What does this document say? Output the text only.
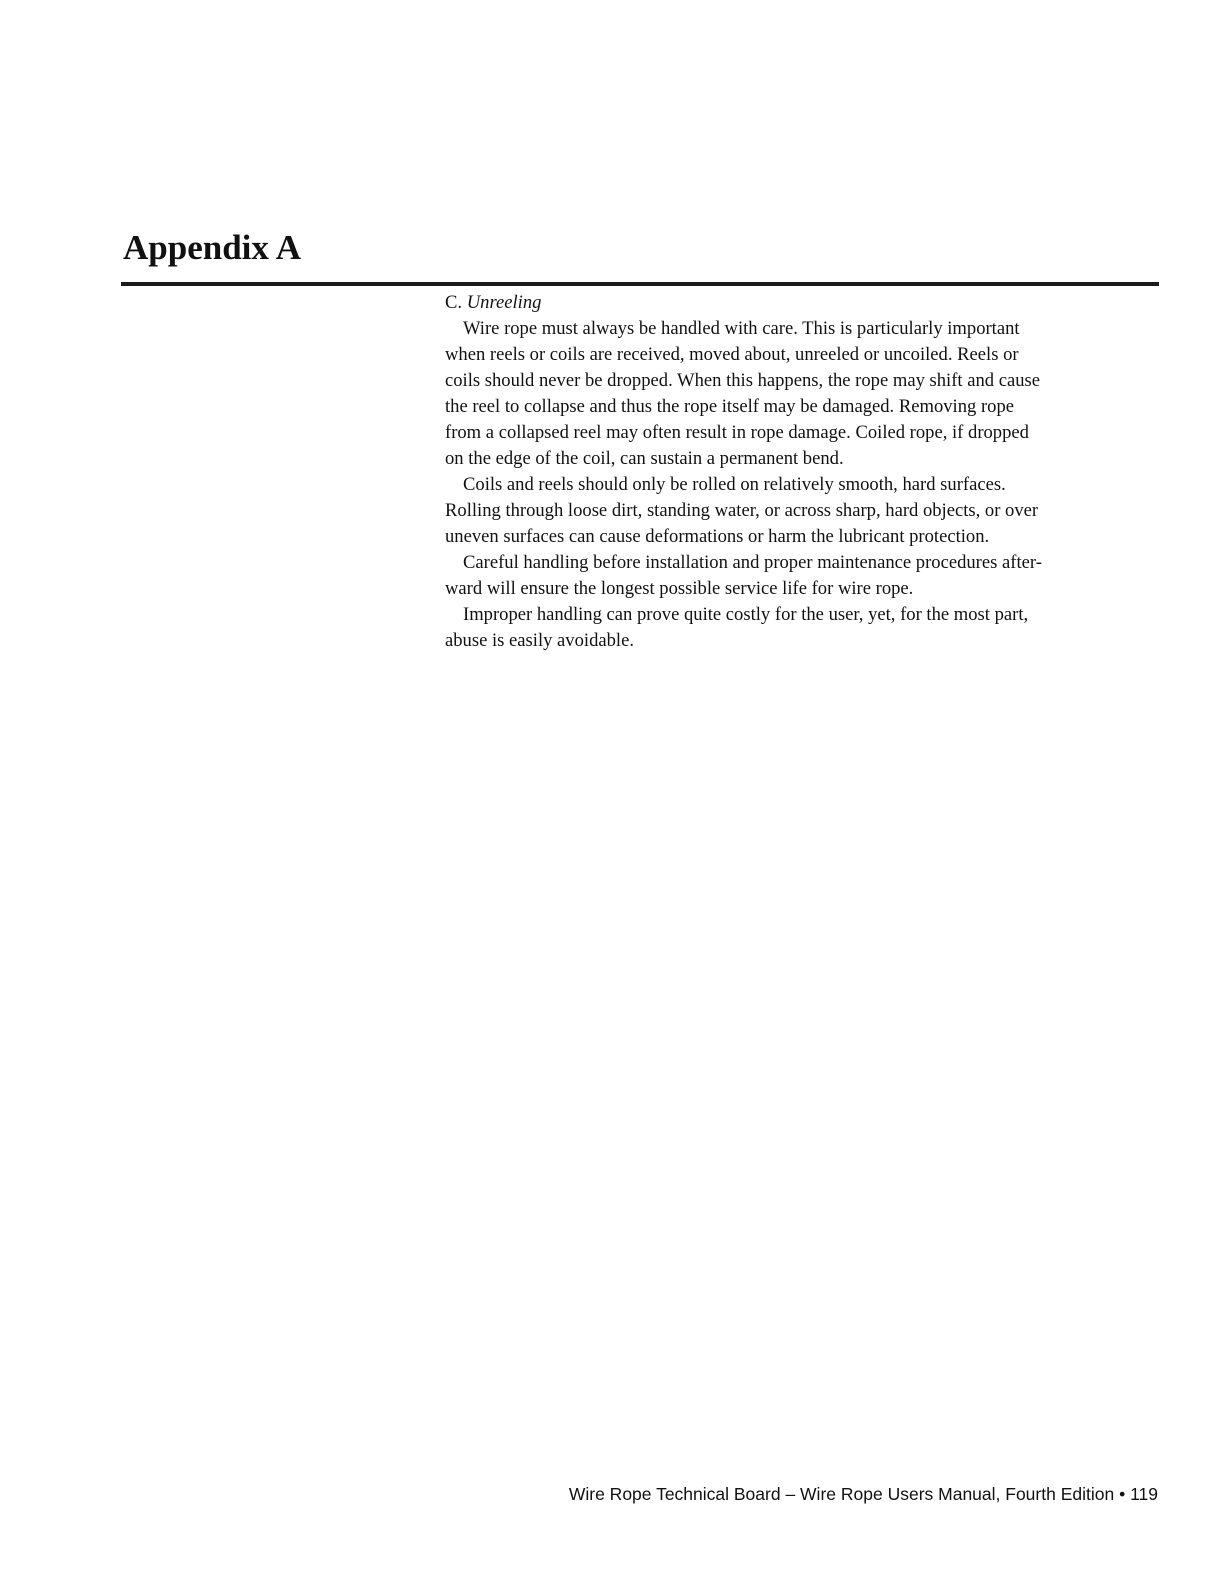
Appendix A
C. Unreeling

Wire rope must always be handled with care. This is particularly important
when reels or coils are received, moved about, unreeled or uncoiled. Reels or
coils should never be dropped. When this happens, the rope may shift and cause
the reel to collapse and thus the rope itself may be damaged. Removing rope
from a collapsed reel may often result in rope damage. Coiled rope, if dropped
on the edge of the coil, can sustain a permanent bend.

Coils and reels should only be rolled on relatively smooth, hard surfaces.
Rolling through loose dirt, standing water, or across sharp, hard objects, or over
uneven surfaces can cause deformations or harm the lubricant protection.

Careful handling before installation and proper maintenance procedures after-
ward will ensure the longest possible service life for wire rope.

Improper handling can prove quite costly for the user, yet, for the most part,
abuse is easily avoidable.

Wire Rope Technical Board – Wire Rope Users Manual, Fourth Edition • 119
